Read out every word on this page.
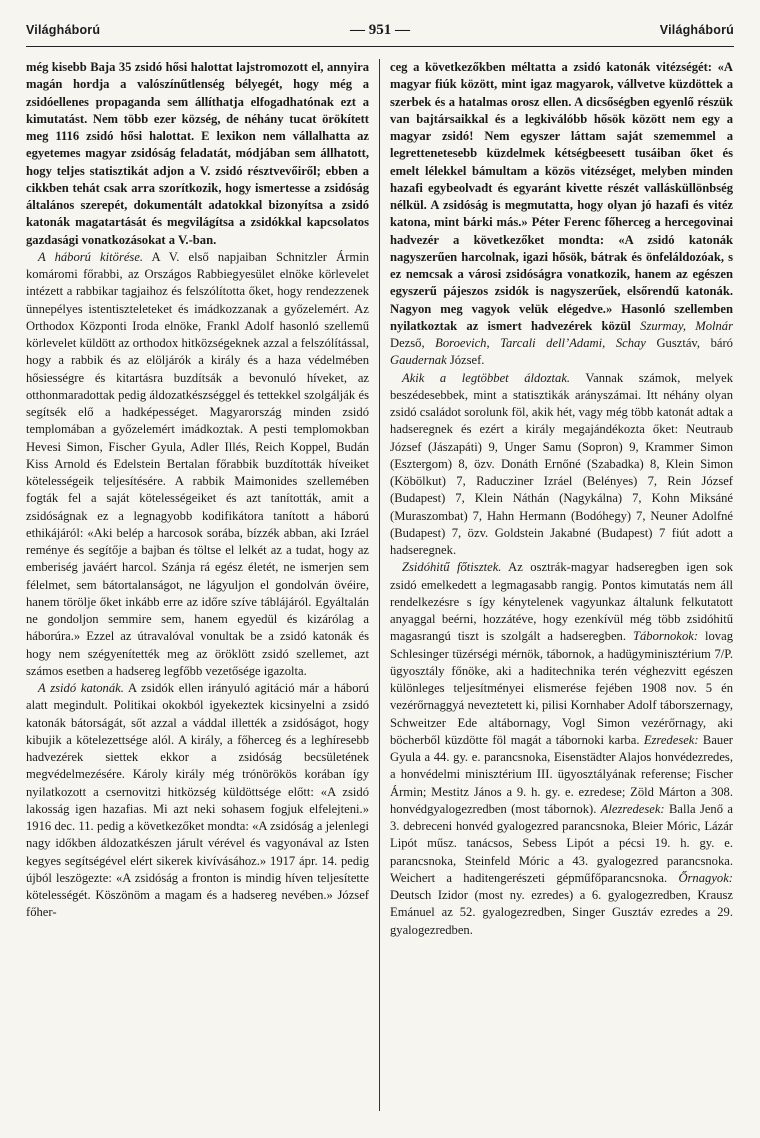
Világháború	— 951 —	Világháború

még kisebb Baja 35 zsidó hősi halottat lajstromozott el, annyira magán hordja a valószínűtlenség bélyegét, hogy még a zsidóellenes propaganda sem állíthatja elfogadhatónak ezt a kimutatást. Nem több ezer község, de néhány tucat örökített meg 1116 zsidó hősi halottat. E lexikon nem vállalhatta az egyetemes magyar zsidóság feladatát, módjában sem állhatott, hogy teljes statisztikát adjon a V. zsidó résztvevőiről; ebben a cikkben tehát csak arra szorítkozik, hogy ismertesse a zsidóság általános szerepét, dokumentált adatokkal bizonyítsa a zsidó katonák magatartását és megvilágítsa a zsidókkal kapcsolatos gazdasági vonatkozásokat a V.-ban.

A háború kitörése. A V. első napjaiban Schnitzler Ármin komáromi főrabbi, az Országos Rabbiegyesület elnöke körlevelet intézett a rabbikar tagjaihoz és felszólította őket, hogy rendezzenek ünnepélyes istentiszteleteket és imádkozzanak a győzelemért. Az Orthodox Központi Iroda elnöke, Frankl Adolf hasonló szellemű körlevelet küldött az orthodox hitközségeknek azzal a felszólítással, hogy a rabbik és az elöljárók a király és a haza védelmében hősiességre és kitartásra buzdítsák a bevonuló híveket, az otthonmaradottak pedig áldozatkészséggel és tettekkel szolgálják és segítsék elő a hadképességet. Magyarország minden zsidó templomában a győzelemért imádkoztak. A pesti templomokban Hevesi Simon, Fischer Gyula, Adler Illés, Reich Koppel, Budán Kiss Arnold és Edelstein Bertalan főrabbik buzdították híveiket kötelességeik teljesítésére. A rabbik Maimonides szellemében fogták fel a saját kötelességeiket és azt tanították, amit a zsidóságnak ez a legnagyobb kodifikátora tanított a háború ethikájáról: «Aki belép a harcosok sorába, bízzék abban, aki Izráel reménye és segítője a bajban és töltse el lelkét az a tudat, hogy az emberiség javáért harcol. Szánja rá egész életét, ne ismerjen sem félelmet, sem bátortalanságot, ne lágyuljon el gondolván övéire, hanem törölje őket inkább erre az időre szíve táblájáról. Egyáltalán ne gondoljon semmire sem, hanem egyedül és kizárólag a háborúra.» Ezzel az útravalóval vonultak be a zsidó katonák és hogy nem szégyenítették meg az öröklött zsidó szellemet, azt számos esetben a hadsereg legfőbb vezetősége igazolta.

A zsidó katonák. A zsidók ellen irányuló agitáció már a háború alatt megindult. Politikai okokból igyekeztek kicsinyelni a zsidó katonák bátorságát, sőt azzal a váddal illették a zsidóságot, hogy kibujik a kötelezettsége alól. A király, a főherceg és a leghíresebb hadvezérek siettek ekkor a zsidóság becsületének megvédelmezésére. Károly király még trónörökös korában így nyilatkozott a csernovitzi hitközség küldöttsége előtt: «A zsidó lakosság igen hazafias. Mi azt neki sohasem fogjuk elfelejteni.» 1916 dec. 11. pedig a következőket mondta: «A zsidóság a jelenlegi nagy időkben áldozatkészen járult vérével és vagyonával az Isten kegyes segítségével elért sikerek kivívásához.» 1917 ápr. 14. pedig újból leszögezte: «A zsidóság a fronton is mindig híven teljesítette kötelességét. Köszönöm a magam és a hadsereg nevében.» József főher-

ceg a következőkben méltatta a zsidó katonák vitézségét: «A magyar fiúk között, mint igaz magyarok, vállvetve küzdöttek a szerbek és a hatalmas orosz ellen. A dicsőségben egyenlő részük van bajtársaikkal és a legkiválóbb hősök között nem egy a magyar zsidó! Nem egyszer láttam saját szememmel a legrettenetesebb küzdelmek kétségbeesett tusáiban őket és emelt lélekkel bámultam a közös vitézséget, melyben minden hazafi egybeolvadt és egyaránt kivette részét vallásküllönbség nélkül. A zsidóság is megmutatta, hogy olyan jó hazafi és vitéz katona, mint bárki más.» Péter Ferenc főherceg a hercegovinai hadvezér a következőket mondta: «A zsidó katonák nagyszerűen harcolnak, igazi hősök, bátrak és önfeláldozóak, s ez nemcsak a városi zsidóságra vonatkozik, hanem az egészen egyszerű pájeszos zsidók is nagyszerűek, elsőrendű katonák. Nagyon meg vagyok velük elégedve.» Hasonló szellemben nyilatkoztak az ismert hadvezérek közül Szurmay, Molnár Dezső, Boroevich, Tarcali dell’Adami, Schay Gusztáv, báró Gaudernak József.

Akik a legtöbbet áldoztak. Vannak számok, melyek beszédesebbek, mint a statisztikák arányszámai. Itt néhány olyan zsidó családot sorolunk föl, akik hét, vagy még több katonát adtak a hadseregnek és ezért a király megajándékozta őket: Neutraub József (Jászapáti) 9, Unger Samu (Sopron) 9, Krammer Simon (Esztergom) 8, özv. Donáth Ernőné (Szabadka) 8, Klein Simon (Köbölkut) 7, Raducziner Izráel (Belényes) 7, Rein József (Budapest) 7, Klein Náthán (Nagykálna) 7, Kohn Miksáné (Muraszombat) 7, Hahn Hermann (Bodóhegy) 7, Neuner Adolfné (Budapest) 7, özv. Goldstein Jakabné (Budapest) 7 fiút adott a hadseregnek.

Zsidóhitű főtisztek. Az osztrák-magyar hadseregben igen sok zsidó emelkedett a legmagasabb rangig. Pontos kimutatás nem áll rendelkezésre s így kénytelenek vagyunkaz általunk felkutatott anyaggal beérni, hozzátéve, hogy ezenkívül még több zsidóhitű magasrangú tiszt is szolgált a hadseregben. Tábornokok: lovag Schlesinger tüzérségi mérnök, tábornok, a hadügyminisztérium 7/P. ügyosztály főnöke, aki a haditechnika terén véghezvitt egészen különleges teljesítményei elismerése fejében 1908 nov. 5 én vezérőrnaggyá neveztetett ki, pilisi Kornhaber Adolf táborszernagy, Schweitzer Ede altábornagy, Vogl Simon vezérőrnagy, aki böcherből küzdötte föl magát a tábornoki karba. Ezredesek: Bauer Gyula a 44. gy. e. parancsnoka, Eisenstädter Alajos honvédezredes, a honvédelmi minisztérium III. ügyosztályának referense; Fischer Ármin; Mestitz János a 9. h. gy. e. ezredese; Zöld Márton a 308. honvédgyalogezredben (most tábornok). Alezredesek: Balla Jenő a 3. debreceni honvéd gyalogezred parancsnoka, Bleier Móric, Lázár Lipót műsz. tanácsos, Sebess Lipót a pécsi 19. h. gy. e. parancsnoka, Steinfeld Móric a 43. gyalogezred parancsnoka. Weichert a haditengerészeti gépműfőparancsnoka. Őrnagyok: Deutsch Izidor (most ny. ezredes) a 6. gyalogezredben, Krausz Emánuel az 52. gyalogezredben, Singer Gusztáv ezredes a 29. gyalogezredben.
